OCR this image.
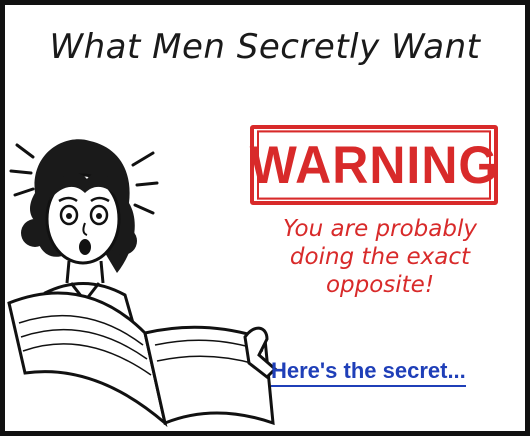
What Men Secretly Want
WARNING
You are probably
doing the exact
opposite!
Here's the secret...
